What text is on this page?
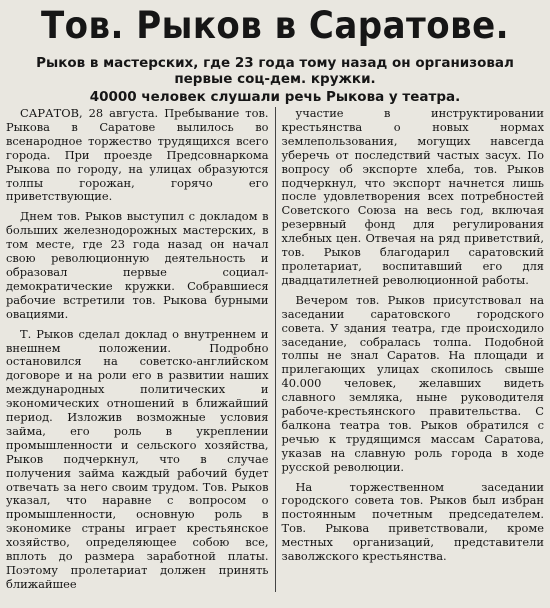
Тов. Рыков в Саратове.
Рыков в мастерских, где 23 года тому назад он организовал первые соц-дем. кружки.
40000 человек слушали речь Рыкова у театра.

САРАТОВ, 28 августа. Пребывание тов. Рыкова в Саратове вылилось во всенародное торжество трудящихся всего города. При проезде Предсовнаркома Рыкова по городу, на улицах образуются толпы горожан, горячо его приветствующие.

Днем тов. Рыков выступил с докладом в больших железнодорожных мастерских, в том месте, где 23 года назад он начал свою революционную деятельность и образовал первые социал-демократические кружки. Собравшиеся рабочие встретили тов. Рыкова бурными овациями.

Т. Рыков сделал доклад о внутреннем и внешнем положении. Подробно остановился на советско-английском договоре и на роли его в развитии наших международных политических и экономических отношений в ближайший период. Изложив возможные условия займа, его роль в укреплении промышленности и сельского хозяйства, Рыков подчеркнул, что в случае получения займа каждый рабочий будет отвечать за него своим трудом. Тов. Рыков указал, что наравне с вопросом о промышленности, основную роль в экономике страны играет крестьянское хозяйство, определяющее собою все, вплоть до размера заработной платы. Поэтому пролетариат должен принять ближайшее

участие в инструктировании крестьянства о новых нормах землепользования, могущих навсегда уберечь от последствий частых засух. По вопросу об экспорте хлеба, тов. Рыков подчеркнул, что экспорт начнется лишь после удовлетворения всех потребностей Советского Союза на весь год, включая резервный фонд для регулирования хлебных цен. Отвечая на ряд приветствий, тов. Рыков благодарил саратовский пролетариат, воспитавший его для двадцатилетней революционной работы.

Вечером тов. Рыков присутствовал на заседании саратовского городского совета. У здания театра, где происходило заседание, собралась толпа. Подобной толпы не знал Саратов. На площади и прилегающих улицах скопилось свыше 40.000 человек, желавших видеть славного земляка, ныне руководителя рабоче-крестьянского правительства. С балкона театра тов. Рыков обратился с речью к трудящимся массам Саратова, указав на славную роль города в ходе русской революции.

На торжественном заседании городского совета тов. Рыков был избран постоянным почетным председателем. Тов. Рыкова приветствовали, кроме местных организаций, представители заволжского крестьянства.
